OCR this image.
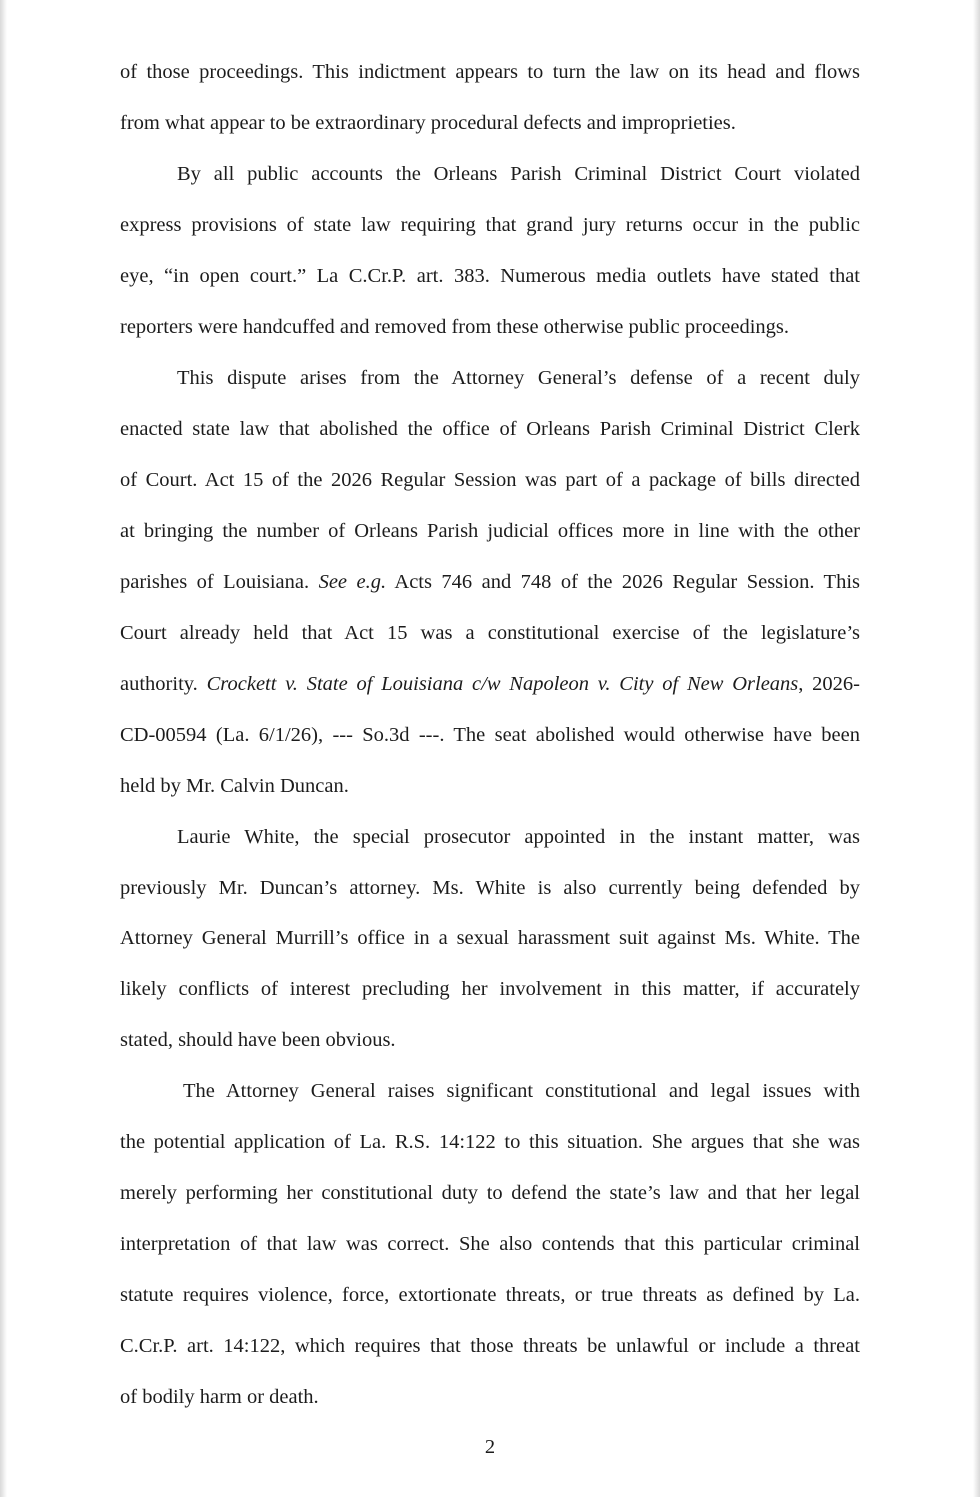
of those proceedings. This indictment appears to turn the law on its head and flows
from what appear to be extraordinary procedural defects and improprieties.
By all public accounts the Orleans Parish Criminal District Court violated
express provisions of state law requiring that grand jury returns occur in the public
eye, “in open court.” La C.Cr.P. art. 383. Numerous media outlets have stated that
reporters were handcuffed and removed from these otherwise public proceedings.
This dispute arises from the Attorney General’s defense of a recent duly
enacted state law that abolished the office of Orleans Parish Criminal District Clerk
of Court. Act 15 of the 2026 Regular Session was part of a package of bills directed
at bringing the number of Orleans Parish judicial offices more in line with the other
parishes of Louisiana. See e.g. Acts 746 and 748 of the 2026 Regular Session. This
Court already held that Act 15 was a constitutional exercise of the legislature’s
authority. Crockett v. State of Louisiana c/w Napoleon v. City of New Orleans, 2026-
CD-00594 (La. 6/1/26), --- So.3d ---. The seat abolished would otherwise have been
held by Mr. Calvin Duncan.
Laurie White, the special prosecutor appointed in the instant matter, was
previously Mr. Duncan’s attorney. Ms. White is also currently being defended by
Attorney General Murrill’s office in a sexual harassment suit against Ms. White. The
likely conflicts of interest precluding her involvement in this matter, if accurately
stated, should have been obvious.
The Attorney General raises significant constitutional and legal issues with
the potential application of La. R.S. 14:122 to this situation. She argues that she was
merely performing her constitutional duty to defend the state’s law and that her legal
interpretation of that law was correct. She also contends that this particular criminal
statute requires violence, force, extortionate threats, or true threats as defined by La.
C.Cr.P. art. 14:122, which requires that those threats be unlawful or include a threat
of bodily harm or death.
2
